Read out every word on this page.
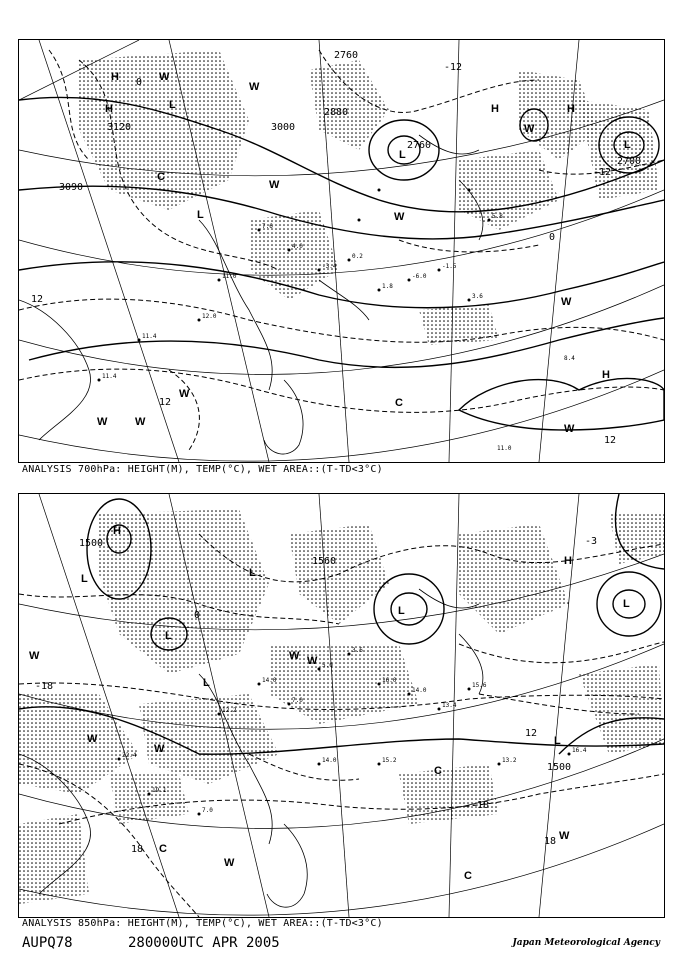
7.6
4.0
-3.4
0.2
1.8
-6.0
-1.5
3.6
11.0
12.0
11.4
11.4
5.8
8.4
11.0
3120
3090
3000
2880
2760
2700
2760
12
0
-12
-12
12
12
0
H
H	L
L
C
L
W
W
H	H
W
W
C
W
W
H
L
W
W
W
W
ANALYSIS 700hPa: HEIGHT(M), TEMP(°C), WET AREA::(T-TD<3°C)
14.0
7.0
5.0
3.6
16.0
14.0
13.4
15.6
12.2
19.1
22.4
7.0
14.0	15.2	13.2
16.4
1500
1560
1500
-18
0
12
18
-18
-3
18
H
L
L
L
W
L
W
W
C
W
W
W
C
H
L
L
L
C
W
ANALYSIS 850hPa: HEIGHT(M), TEMP(°C), WET AREA::(T-TD<3°C)
AUPQ78	280000UTC APR 2005	Japan Meteorological Agency
